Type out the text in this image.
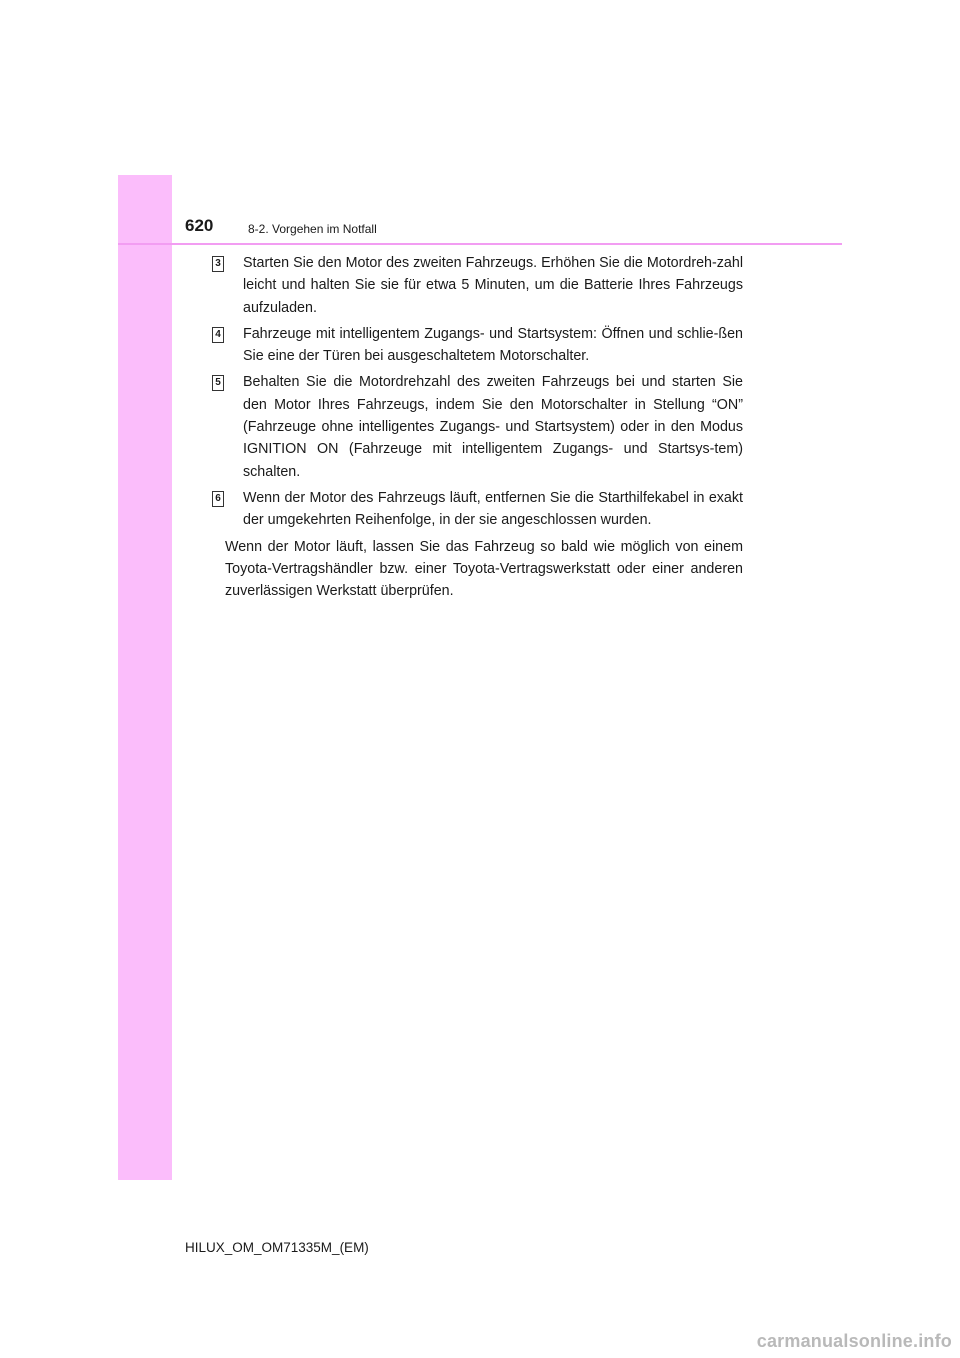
620	8-2. Vorgehen im Notfall
3 Starten Sie den Motor des zweiten Fahrzeugs. Erhöhen Sie die Motordreh-zahl leicht und halten Sie sie für etwa 5 Minuten, um die Batterie Ihres Fahrzeugs aufzuladen.
4 Fahrzeuge mit intelligentem Zugangs- und Startsystem: Öffnen und schlie-ßen Sie eine der Türen bei ausgeschaltetem Motorschalter.
5 Behalten Sie die Motordrehzahl des zweiten Fahrzeugs bei und starten Sie den Motor Ihres Fahrzeugs, indem Sie den Motorschalter in Stellung “ON” (Fahrzeuge ohne intelligentes Zugangs- und Startsystem) oder in den Modus IGNITION ON (Fahrzeuge mit intelligentem Zugangs- und Startsys-tem) schalten.
6 Wenn der Motor des Fahrzeugs läuft, entfernen Sie die Starthilfekabel in exakt der umgekehrten Reihenfolge, in der sie angeschlossen wurden.
Wenn der Motor läuft, lassen Sie das Fahrzeug so bald wie möglich von einem Toyota-Vertragshändler bzw. einer Toyota-Vertragswerkstatt oder einer anderen zuverlässigen Werkstatt überprüfen.
HILUX_OM_OM71335M_(EM)
carmanualsonline.info
